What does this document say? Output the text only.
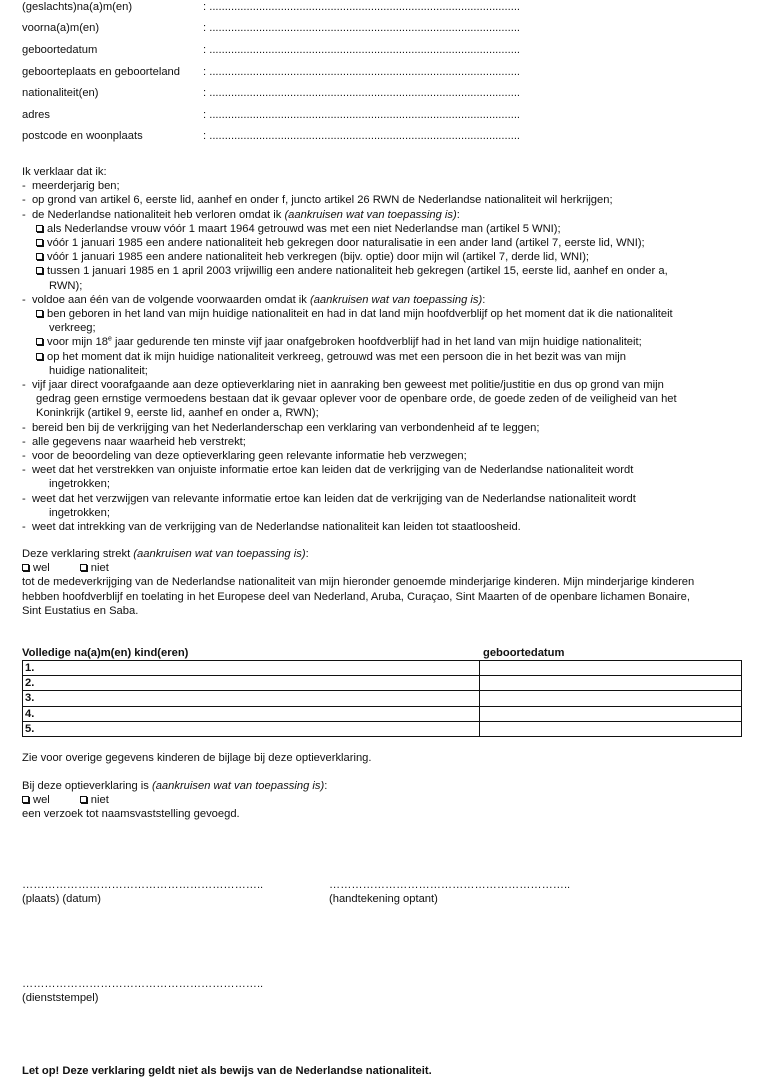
(geslachts)na(a)m(en)	: ....................................................................................................
voorna(a)m(en)	: ....................................................................................................
geboortedatum	: ....................................................................................................
geboorteplaats en geboorteland : ....................................................................................................
nationaliteit(en)	: ....................................................................................................
adres	: ....................................................................................................
postcode en woonplaats	: ....................................................................................................
Ik verklaar dat ik:
-  meerderjarig ben;
-  op grond van artikel 6, eerste lid, aanhef en onder f, juncto artikel 26 RWN de Nederlandse nationaliteit wil herkrijgen;
-  de Nederlandse nationaliteit heb verloren omdat ik (aankruisen wat van toepassing is):
als Nederlandse vrouw vóór 1 maart 1964 getrouwd was met een niet Nederlandse man (artikel 5 WNI);
vóór 1 januari 1985 een andere nationaliteit heb gekregen door naturalisatie in een ander land (artikel 7, eerste lid, WNI);
vóór 1 januari 1985 een andere nationaliteit heb verkregen (bijv. optie) door mijn wil (artikel 7, derde lid, WNI);
tussen 1 januari 1985 en 1 april 2003 vrijwillig een andere nationaliteit heb gekregen (artikel 15, eerste lid, aanhef en onder a,
RWN);
-  voldoe aan één van de volgende voorwaarden omdat ik (aankruisen wat van toepassing is):
ben geboren in het land van mijn huidige nationaliteit en had in dat land mijn hoofdverblijf op het moment dat ik die nationaliteit
verkreeg;
voor mijn 18e jaar gedurende ten minste vijf jaar onafgebroken hoofdverblijf had in het land van mijn huidige nationaliteit;
op het moment dat ik mijn huidige nationaliteit verkreeg, getrouwd was met een persoon die in het bezit was van mijn
huidige nationaliteit;
-  vijf jaar direct voorafgaande aan deze optieverklaring niet in aanraking ben geweest met politie/justitie en dus op grond van mijn
gedrag geen ernstige vermoedens bestaan dat ik gevaar oplever voor de openbare orde, de goede zeden of de veiligheid van het
Koninkrijk (artikel 9, eerste lid, aanhef en onder a, RWN);
-  bereid ben bij de verkrijging van het Nederlanderschap een verklaring van verbondenheid af te leggen;
-  alle gegevens naar waarheid heb verstrekt;
-  voor de beoordeling van deze optieverklaring geen relevante informatie heb verzwegen;
-  weet dat het verstrekken van onjuiste informatie ertoe kan leiden dat de verkrijging van de Nederlandse nationaliteit wordt
ingetrokken;
-  weet dat het verzwijgen van relevante informatie ertoe kan leiden dat de verkrijging van de Nederlandse nationaliteit wordt
ingetrokken;
-  weet dat intrekking van de verkrijging van de Nederlandse nationaliteit kan leiden tot staatloosheid.
Deze verklaring strekt (aankruisen wat van toepassing is):
wel	niet
tot de medeverkrijging van de Nederlandse nationaliteit van mijn hieronder genoemde minderjarige kinderen. Mijn minderjarige kinderen
hebben hoofdverblijf en toelating in het Europese deel van Nederland, Aruba, Curaçao, Sint Maarten of de openbare lichamen Bonaire,
Sint Eustatius en Saba.
Volledige na(a)m(en) kind(eren)	geboortedatum
1.	
2.	
3.	
4.	
5.	
Zie voor overige gegevens kinderen de bijlage bij deze optieverklaring.
Bij deze optieverklaring is (aankruisen wat van toepassing is):
wel	niet
een verzoek tot naamsvaststelling gevoegd.
………………………………………………………..
(plaats) (datum)
………………………………………………………..
(handtekening optant)
………………………………………………………..
(dienststempel)
Let op! Deze verklaring geldt niet als bewijs van de Nederlandse nationaliteit.
